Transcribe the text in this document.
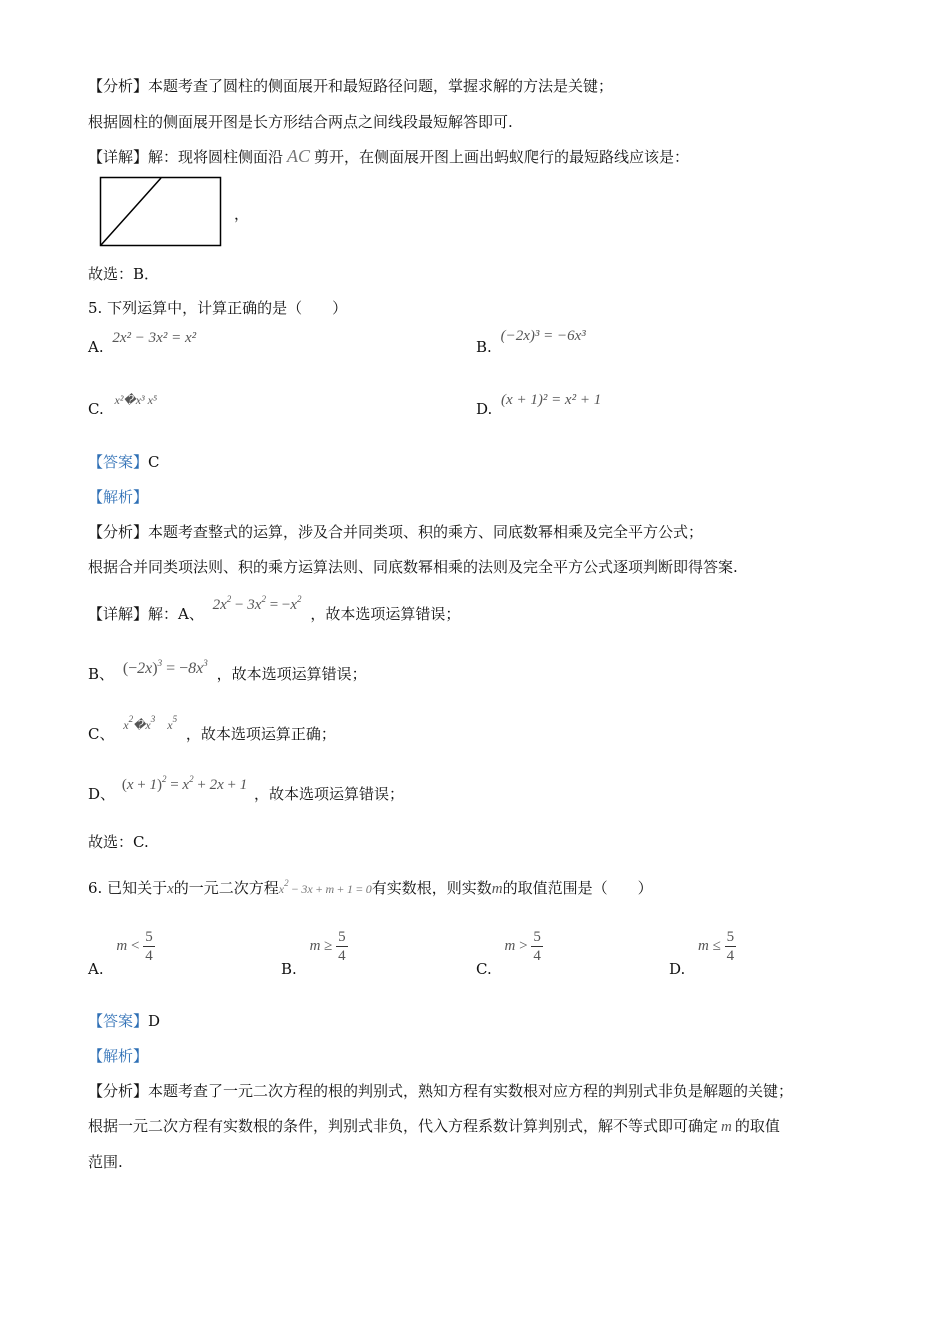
【分析】本题考查了圆柱的侧面展开和最短路径问题，掌握求解的方法是关键；
根据圆柱的侧面展开图是长方形结合两点之间线段最短解答即可.
【详解】解：现将圆柱侧面沿 AC 剪开，在侧面展开图上画出蚂蚁爬行的最短路线应该是：
，
故选：B．
5. 下列运算中，计算正确的是（　　）
A. 2x² − 3x² = x²	B. (−2x)³ = −6x³
C. $^{x^2�x^3 x^5}$	D. (x + 1)² = x² + 1
【答案】C
【解析】
【分析】本题考查整式的运算，涉及合并同类项、积的乘方、同底数幂相乘及完全平方公式；
根据合并同类项法则、积的乘方运算法则、同底数幂相乘的法则及完全平方公式逐项判断即得答案.
【详解】解：A、 $2x^2 - 3x^2 = -x^2$ ，故本选项运算错误；
B、 $(-2x)^3 = -8x^3$ ，故本选项运算错误；
C、 $^{x^2�x^3 x^5}$ ，故本选项运算正确；
D、 $(x + 1)^2 = x^2 + 2x + 1$ ，故本选项运算错误；
故选：C.
6. 已知关于x的一元二次方程$x^2 - 3x + m + 1 = 0$有实数根，则实数m的取值范围是（　　）
A. $m < \frac{5}{4}$
B. $m \ge \frac{5}{4}$
C. $m > \frac{5}{4}$
D. $m \le \frac{5}{4}$
【答案】D
【解析】
【分析】本题考查了一元二次方程的根的判别式，熟知方程有实数根对应方程的判别式非负是解题的关键；
根据一元二次方程有实数根的条件，判别式非负，代入方程系数计算判别式，解不等式即可确定 m 的取值
范围.
